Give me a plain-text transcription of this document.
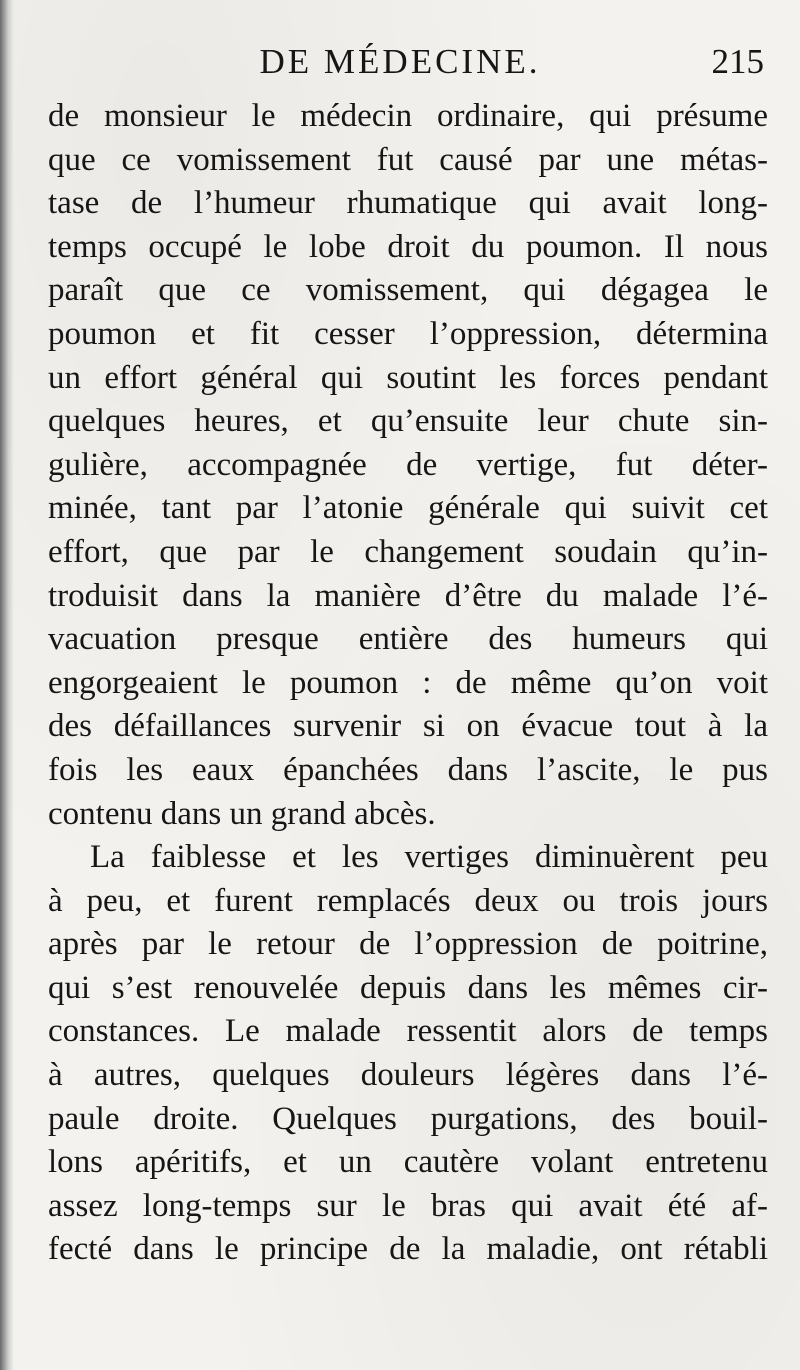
DE MÉDECINE.	215
de monsieur le médecin ordinaire, qui présume
que ce vomissement fut causé par une métas-
tase de l’humeur rhumatique qui avait long-
temps occupé le lobe droit du poumon. Il nous
paraît que ce vomissement, qui dégagea le
poumon et fit cesser l’oppression, détermina
un effort général qui soutint les forces pendant
quelques heures, et qu’ensuite leur chute sin-
gulière, accompagnée de vertige, fut déter-
minée, tant par l’atonie générale qui suivit cet
effort, que par le changement soudain qu’in-
troduisit dans la manière d’être du malade l’é-
vacuation presque entière des humeurs qui
engorgeaient le poumon : de même qu’on voit
des défaillances survenir si on évacue tout à la
fois les eaux épanchées dans l’ascite, le pus
contenu dans un grand abcès.
La faiblesse et les vertiges diminuèrent peu
à peu, et furent remplacés deux ou trois jours
après par le retour de l’oppression de poitrine,
qui s’est renouvelée depuis dans les mêmes cir-
constances. Le malade ressentit alors de temps
à autres, quelques douleurs légères dans l’é-
paule droite. Quelques purgations, des bouil-
lons apéritifs, et un cautère volant entretenu
assez long-temps sur le bras qui avait été af-
fecté dans le principe de la maladie, ont rétabli
